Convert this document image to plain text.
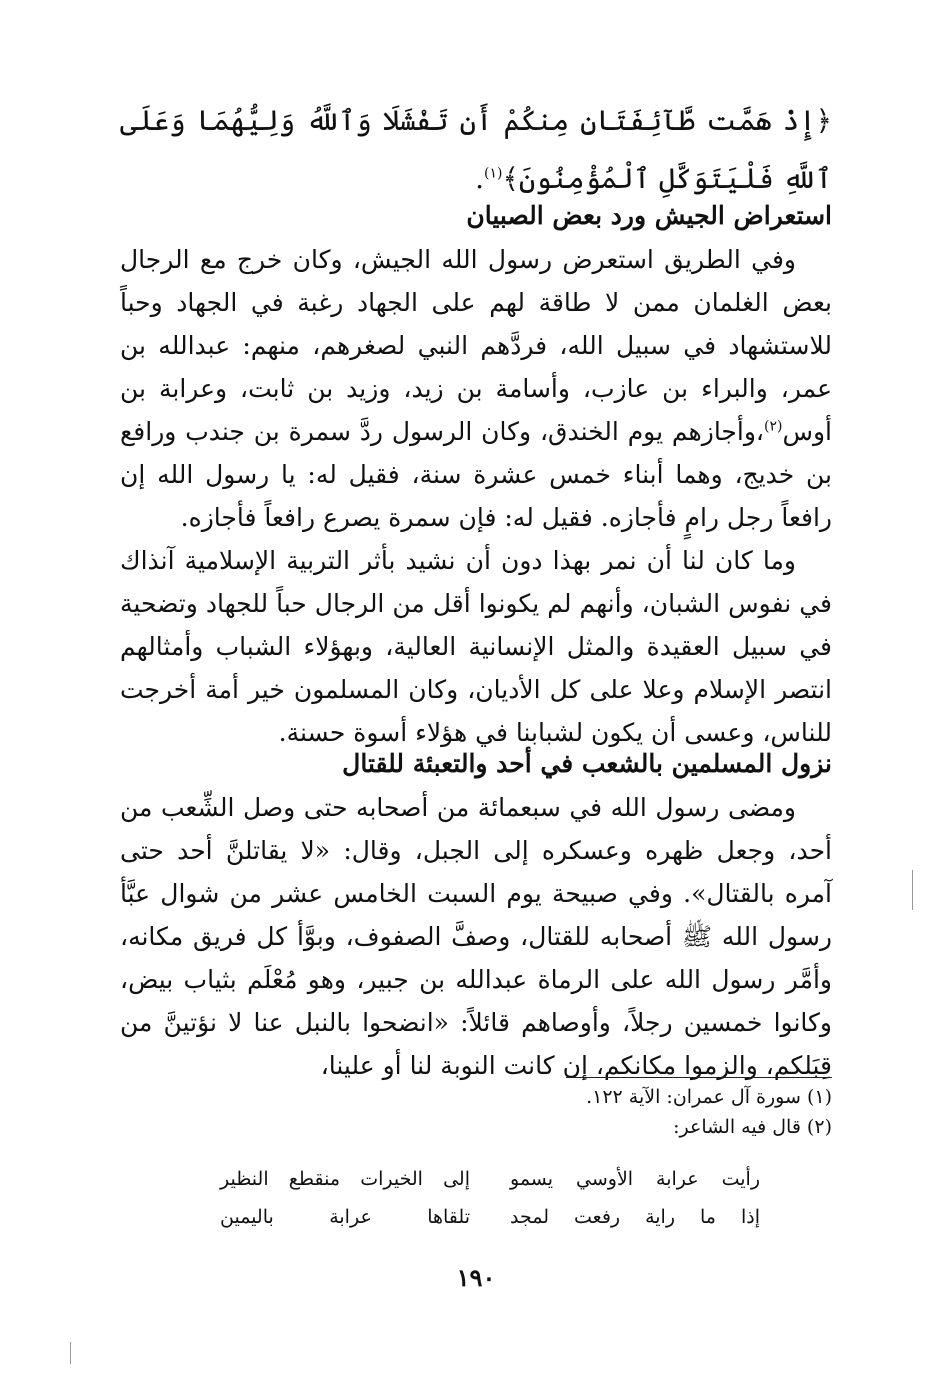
﴿إِذْ هَمَّت طَّآئِفَتَانِ مِنكُمْ أَن تَفْشَلَا وَٱللَّهُ وَلِيُّهُمَا وَعَلَى ٱللَّهِ فَلْيَتَوَكَّلِ ٱلْمُؤْمِنُونَ﴾$^{(١)}$.
استعراض الجيش ورد بعض الصبيان

وفي الطريق استعرض رسول الله الجيش، وكان خرج مع الرجال بعض الغلمان ممن لا طاقة لهم على الجهاد رغبة في الجهاد وحباً للاستشهاد في سبيل الله، فردَّهم النبي لصغرهم، منهم: عبدالله بن عمر، والبراء بن عازب، وأسامة بن زيد، وزيد بن ثابت، وعرابة بن أوس$^{(٢)}$،وأجازهم يوم الخندق، وكان الرسول ردَّ سمرة بن جندب ورافع بن خديج، وهما أبناء خمس عشرة سنة، فقيل له: يا رسول الله إن رافعاً رجل رامٍ فأجازه. فقيل له: فإن سمرة يصرع رافعاً فأجازه.

وما كان لنا أن نمر بهذا دون أن نشيد بأثر التربية الإسلامية آنذاك في نفوس الشبان، وأنهم لم يكونوا أقل من الرجال حباً للجهاد وتضحية في سبيل العقيدة والمثل الإنسانية العالية، وبهؤلاء الشباب وأمثالهم انتصر الإسلام وعلا على كل الأديان، وكان المسلمون خير أمة أخرجت للناس، وعسى أن يكون لشبابنا في هؤلاء أسوة حسنة.

نزول المسلمين بالشعب في أحد والتعبئة للقتال

ومضى رسول الله في سبعمائة من أصحابه حتى وصل الشِّعب من أحد، وجعل ظهره وعسكره إلى الجبل، وقال: «لا يقاتلنَّ أحد حتى آمره بالقتال». وفي صبيحة يوم السبت الخامس عشر من شوال عبَّأ رسول الله ﷺ أصحابه للقتال، وصفَّ الصفوف، وبوَّأ كل فريق مكانه، وأمَّر رسول الله على الرماة عبدالله بن جبير، وهو مُعْلَم بثياب بيض، وكانوا خمسين رجلاً، وأوصاهم قائلاً: «انضحوا بالنبل عنا لا نؤتينَّ من قِبَلكم، والزموا مكانكم، إن كانت النوبة لنا أو علينا،

(١) سورة آل عمران: الآية ١٢٢.

(٢) قال فيه الشاعر:

رأيت عرابة الأوسي يسمو
إلى الخيرات منقطع النظير
إذا ما راية رفعت لمجد
تلقاها عرابة باليمين
١٩٠
